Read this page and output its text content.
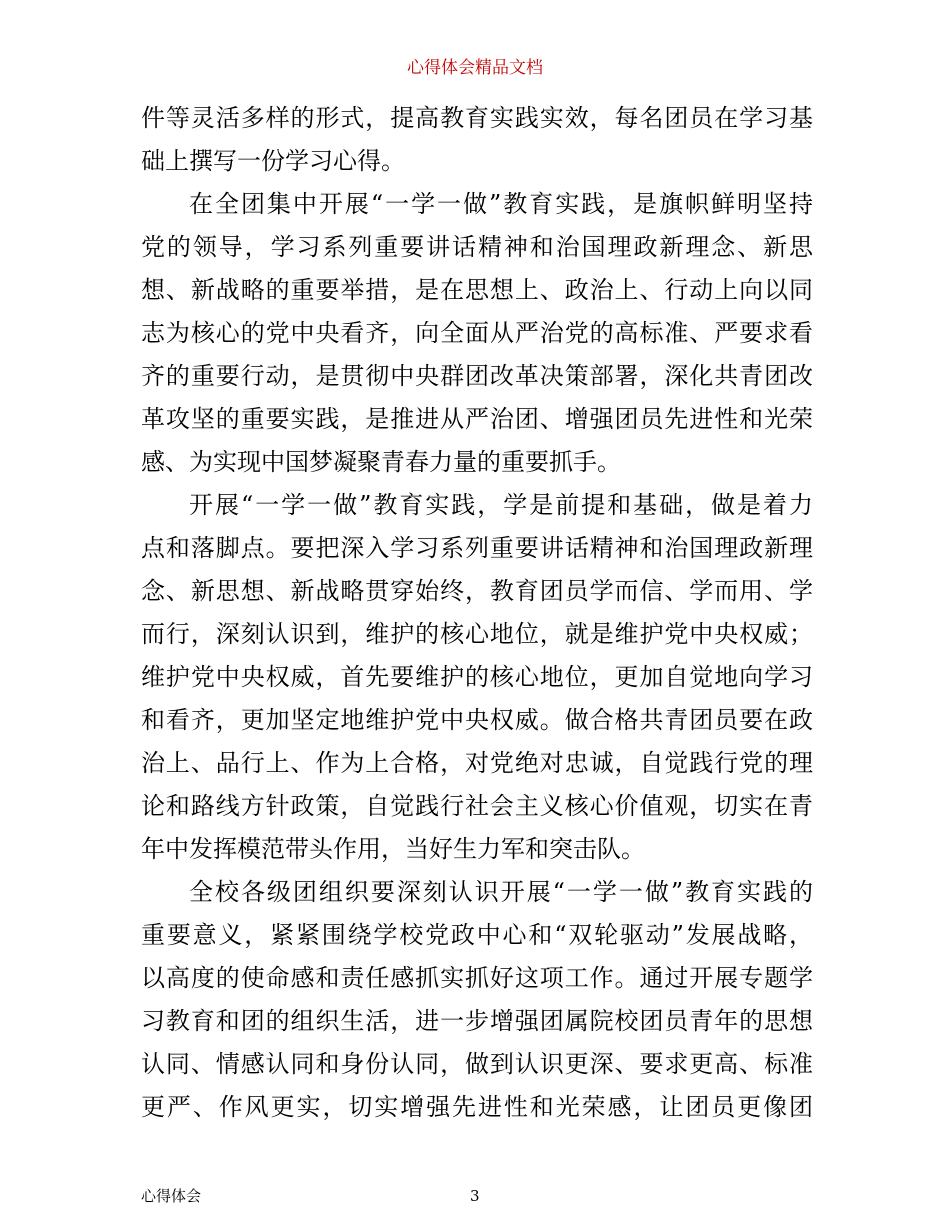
心得体会精品文档
件等灵活多样的形式，提高教育实践实效，每名团员在学习基
础上撰写一份学习心得。
在全团集中开展“一学一做”教育实践，是旗帜鲜明坚持
党的领导，学习系列重要讲话精神和治国理政新理念、新思
想、新战略的重要举措，是在思想上、政治上、行动上向以同
志为核心的党中央看齐，向全面从严治党的高标准、严要求看
齐的重要行动，是贯彻中央群团改革决策部署，深化共青团改
革攻坚的重要实践，是推进从严治团、增强团员先进性和光荣
感、为实现中国梦凝聚青春力量的重要抓手。
开展“一学一做”教育实践，学是前提和基础，做是着力
点和落脚点。要把深入学习系列重要讲话精神和治国理政新理
念、新思想、新战略贯穿始终，教育团员学而信、学而用、学
而行，深刻认识到，维护的核心地位，就是维护党中央权威；
维护党中央权威，首先要维护的核心地位，更加自觉地向学习
和看齐，更加坚定地维护党中央权威。做合格共青团员要在政
治上、品行上、作为上合格，对党绝对忠诚，自觉践行党的理
论和路线方针政策，自觉践行社会主义核心价值观，切实在青
年中发挥模范带头作用，当好生力军和突击队。
全校各级团组织要深刻认识开展“一学一做”教育实践的
重要意义，紧紧围绕学校党政中心和“双轮驱动”发展战略，
以高度的使命感和责任感抓实抓好这项工作。通过开展专题学
习教育和团的组织生活，进一步增强团属院校团员青年的思想
认同、情感认同和身份认同，做到认识更深、要求更高、标准
更严、作风更实，切实增强先进性和光荣感，让团员更像团
心得体会	3
